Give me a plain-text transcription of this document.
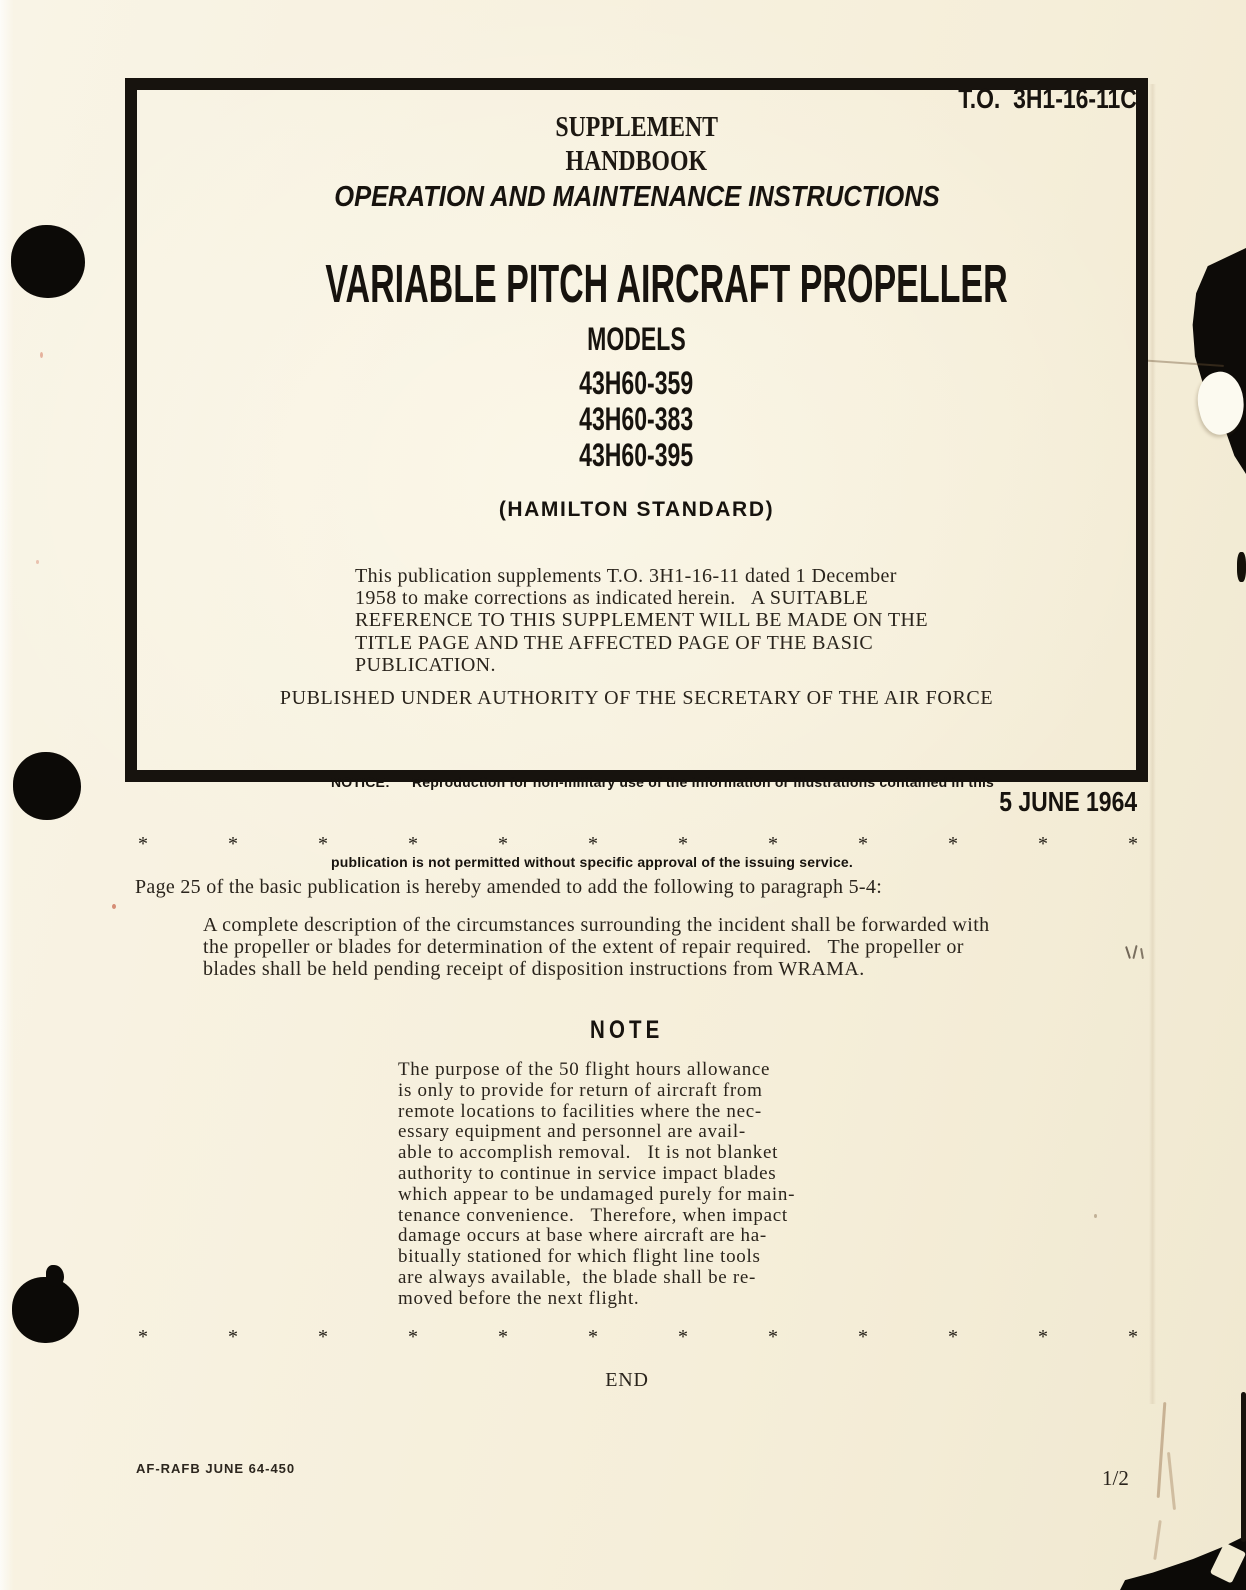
T.O.  3H1-16-11C
SUPPLEMENT
HANDBOOK
OPERATION AND MAINTENANCE INSTRUCTIONS
VARIABLE PITCH AIRCRAFT PROPELLER
MODELS
43H60-359
43H60-383
43H60-395
(HAMILTON STANDARD)
This publication supplements T.O. 3H1-16-11 dated 1 December
1958 to make corrections as indicated herein.   A SUITABLE
REFERENCE TO THIS SUPPLEMENT WILL BE MADE ON THE
TITLE PAGE AND THE AFFECTED PAGE OF THE BASIC
PUBLICATION.
PUBLISHED UNDER AUTHORITY OF THE SECRETARY OF THE AIR FORCE

NOTICE: Reproduction for non-military use of the information or illustrations contained in this

publication is not permitted without specific approval of the issuing service.

5 JUNE 1964
* * * * * * * * * * * *
Page 25 of the basic publication is hereby amended to add the following to paragraph 5-4:
A complete description of the circumstances surrounding the incident shall be forwarded with
the propeller or blades for determination of the extent of repair required.   The propeller or
blades shall be held pending receipt of disposition instructions from WRAMA.
NOTE
The purpose of the 50 flight hours allowance
is only to provide for return of aircraft from
remote locations to facilities where the nec-
essary equipment and personnel are avail-
able to accomplish removal.   It is not blanket
authority to continue in service impact blades
which appear to be undamaged purely for main-
tenance convenience.   Therefore, when impact
damage occurs at base where aircraft are ha-
bitually stationed for which flight line tools
are always available,  the blade shall be re-
moved before the next flight.
* * * * * * * * * * * *
END
AF-RAFB JUNE 64-450	1/2
